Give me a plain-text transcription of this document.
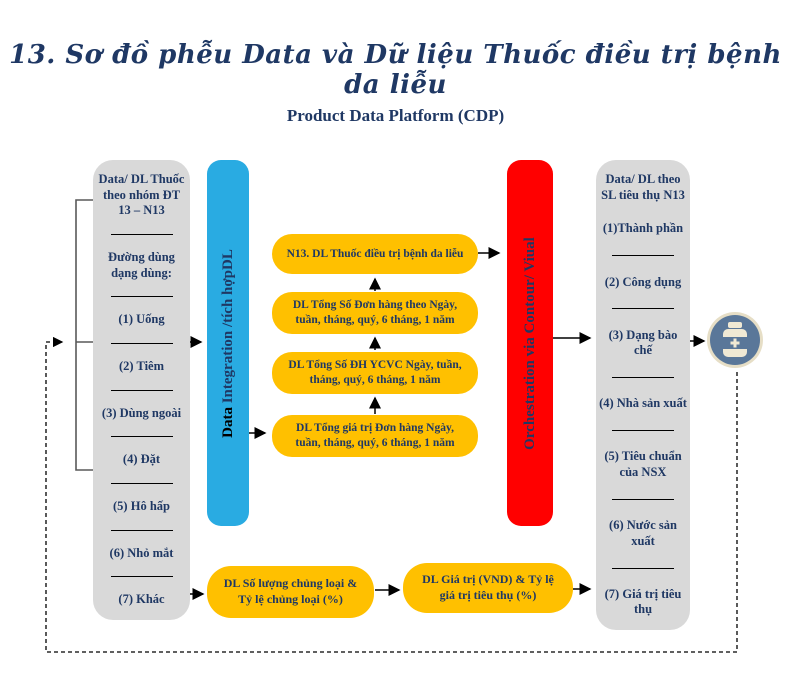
13. Sơ đồ phễu Data và Dữ liệu Thuốc điều trị bệnh da liễu
Product Data Platform (CDP)
Data/ DL Thuốc theo nhóm ĐT 13 – N13
Đường dùng dạng dùng:
(1) Uống
(2) Tiêm
(3) Dùng ngoài
(4) Đặt
(5) Hô hấp
(6) Nhỏ mắt
(7) Khác
Data Integration /tích hợpDL	N13. DL Thuốc điều trị bệnh da liễu
DL Tổng Số Đơn hàng theo Ngày, tuần, tháng, quý, 6 tháng, 1 năm
DL Tổng Số ĐH YCVC Ngày, tuần, tháng, quý, 6 tháng, 1 năm
DL Tổng giá trị Đơn hàng Ngày, tuần, tháng, quý, 6 tháng, 1 năm	Orchestration via Contour/ Viual
Data/ DL theo SL tiêu thụ N13
(1)Thành phần
(2) Công dụng
(3) Dạng bào chế
(4) Nhà sản xuất
(5) Tiêu chuẩn của NSX
(6) Nước sản xuất
(7) Giá trị tiêu thụ
DL Số lượng chủng loại & Tỷ lệ chủng loại (%)
DL Giá trị (VND) & Tỷ lệ giá trị tiêu thụ (%)
